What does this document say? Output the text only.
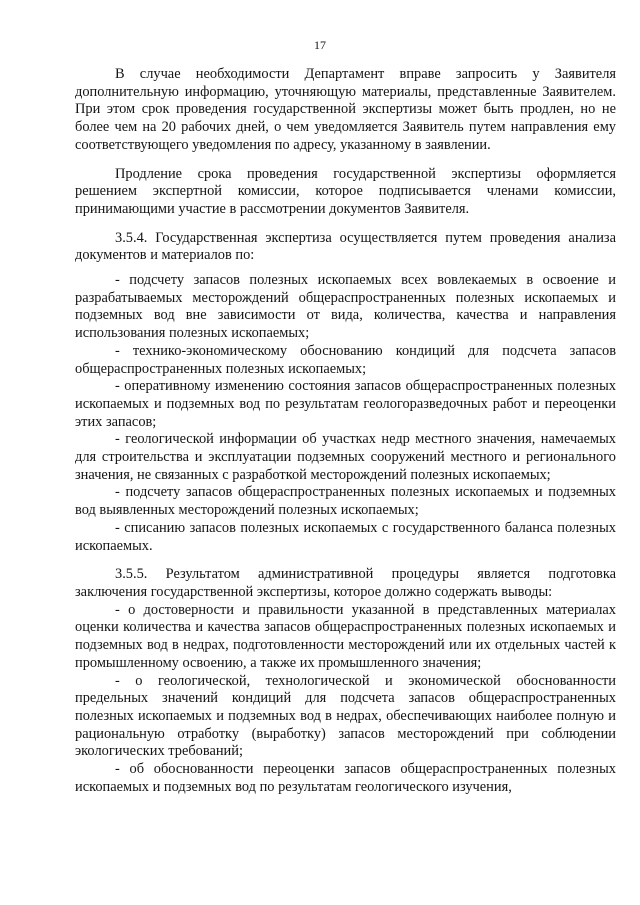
17

В случае необходимости Департамент вправе запросить у Заявителя дополнительную информацию, уточняющую материалы, представленные Заявителем. При этом срок проведения государственной экспертизы может быть продлен, но не более чем на 20 рабочих дней, о чем уведомляется Заявитель путем направления ему соответствующего уведомления по адресу, указанному в заявлении.

Продление срока проведения государственной экспертизы оформляется решением экспертной комиссии, которое подписывается членами комиссии, принимающими участие в рассмотрении документов Заявителя.

3.5.4. Государственная экспертиза осуществляется путем проведения анализа документов и материалов по:

- подсчету запасов полезных ископаемых всех вовлекаемых в освоение и разрабатываемых месторождений общераспространенных полезных ископаемых и подземных вод вне зависимости от вида, количества, качества и направления использования полезных ископаемых;

- технико-экономическому обоснованию кондиций для подсчета запасов общераспространенных полезных ископаемых;

- оперативному изменению состояния запасов общераспространенных полезных ископаемых и подземных вод по результатам геологоразведочных работ и переоценки этих запасов;

- геологической информации об участках недр местного значения, намечаемых для строительства и эксплуатации подземных сооружений местного и регионального значения, не связанных с разработкой месторождений полезных ископаемых;

- подсчету запасов общераспространенных полезных ископаемых и подземных вод выявленных месторождений полезных ископаемых;

- списанию запасов полезных ископаемых с государственного баланса полезных ископаемых.

3.5.5. Результатом административной процедуры является подготовка заключения государственной экспертизы, которое должно содержать выводы:

- о достоверности и правильности указанной в представленных материалах оценки количества и качества запасов общераспространенных полезных ископаемых и подземных вод в недрах, подготовленности месторождений или их отдельных частей к промышленному освоению, а также их промышленного значения;

- о геологической, технологической и экономической обоснованности предельных значений кондиций для подсчета запасов общераспространенных полезных ископаемых и подземных вод в недрах, обеспечивающих наиболее полную и рациональную отработку (выработку) запасов месторождений при соблюдении экологических требований;

- об обоснованности переоценки запасов общераспространенных полезных ископаемых и подземных вод по результатам геологического изучения,
